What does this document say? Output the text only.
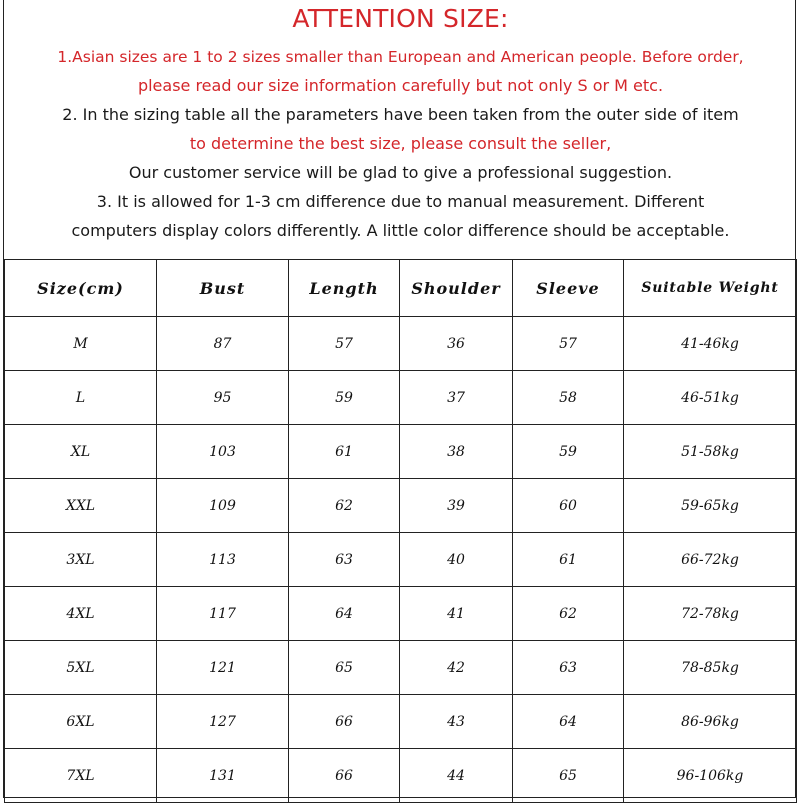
ATTENTION SIZE:
1.Asian sizes are 1 to 2 sizes smaller than European and American people. Before order,
please read our size information carefully but not only S or M etc.
2. In the sizing table all the parameters have been taken from the outer side of item
to determine the best size, please consult the seller,
Our customer service will be glad to give a professional suggestion.
3. It is allowed for 1-3 cm difference due to manual measurement. Different
computers display colors differently. A little color difference should be acceptable.
Size(cm)	Bust	Length	Shoulder	Sleeve	Suitable Weight
M	87	57	36	57	41-46kg
L	95	59	37	58	46-51kg
XL	103	61	38	59	51-58kg
XXL	109	62	39	60	59-65kg
3XL	113	63	40	61	66-72kg
4XL	117	64	41	62	72-78kg
5XL	121	65	42	63	78-85kg
6XL	127	66	43	64	86-96kg
7XL	131	66	44	65	96-106kg
